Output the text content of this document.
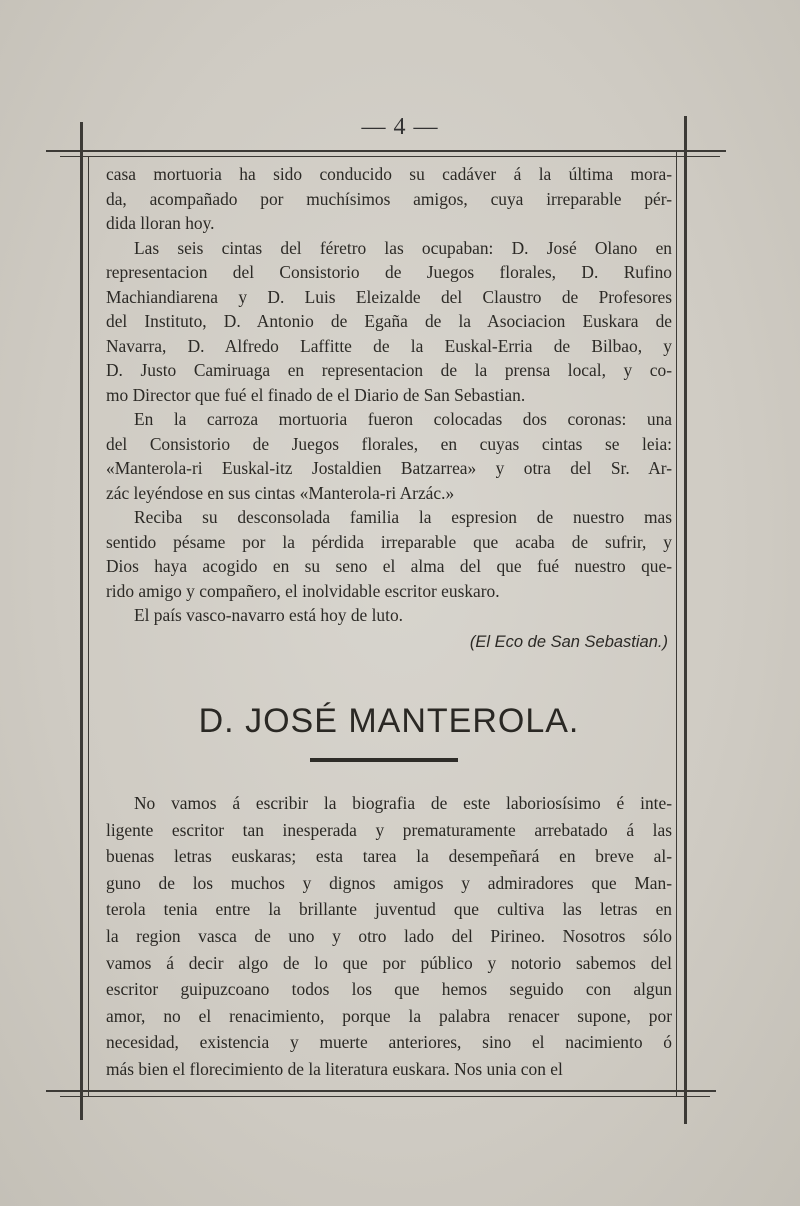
— 4 —
casa mortuoria ha sido conducido su cadáver á la última mora-
da, acompañado por muchísimos amigos, cuya irreparable pér-
dida lloran hoy.
Las seis cintas del féretro las ocupaban: D. José Olano en
representacion del Consistorio de Juegos florales, D. Rufino
Machiandiarena y D. Luis Eleizalde del Claustro de Profesores
del Instituto, D. Antonio de Egaña de la Asociacion Euskara de
Navarra, D. Alfredo Laffitte de la Euskal-Erria de Bilbao, y
D. Justo Camiruaga en representacion de la prensa local, y co-
mo Director que fué el finado de el Diario de San Sebastian.
En la carroza mortuoria fueron colocadas dos coronas: una
del Consistorio de Juegos florales, en cuyas cintas se leia:
«Manterola-ri Euskal-itz Jostaldien Batzarrea» y otra del Sr. Ar-
zác leyéndose en sus cintas «Manterola-ri Arzác.»
Reciba su desconsolada familia la espresion de nuestro mas
sentido pésame por la pérdida irreparable que acaba de sufrir, y
Dios haya acogido en su seno el alma del que fué nuestro que-
rido amigo y compañero, el inolvidable escritor euskaro.
El país vasco-navarro está hoy de luto.
(El Eco de San Sebastian.)
D. JOSÉ MANTEROLA.
No vamos á escribir la biografia de este laboriosísimo é inte-
ligente escritor tan inesperada y prematuramente arrebatado á las
buenas letras euskaras; esta tarea la desempeñará en breve al-
guno de los muchos y dignos amigos y admiradores que Man-
terola tenia entre la brillante juventud que cultiva las letras en
la region vasca de uno y otro lado del Pirineo. Nosotros sólo
vamos á decir algo de lo que por público y notorio sabemos del
escritor guipuzcoano todos los que hemos seguido con algun
amor, no el renacimiento, porque la palabra renacer supone, por
necesidad, existencia y muerte anteriores, sino el nacimiento ó
más bien el florecimiento de la literatura euskara. Nos unia con el
